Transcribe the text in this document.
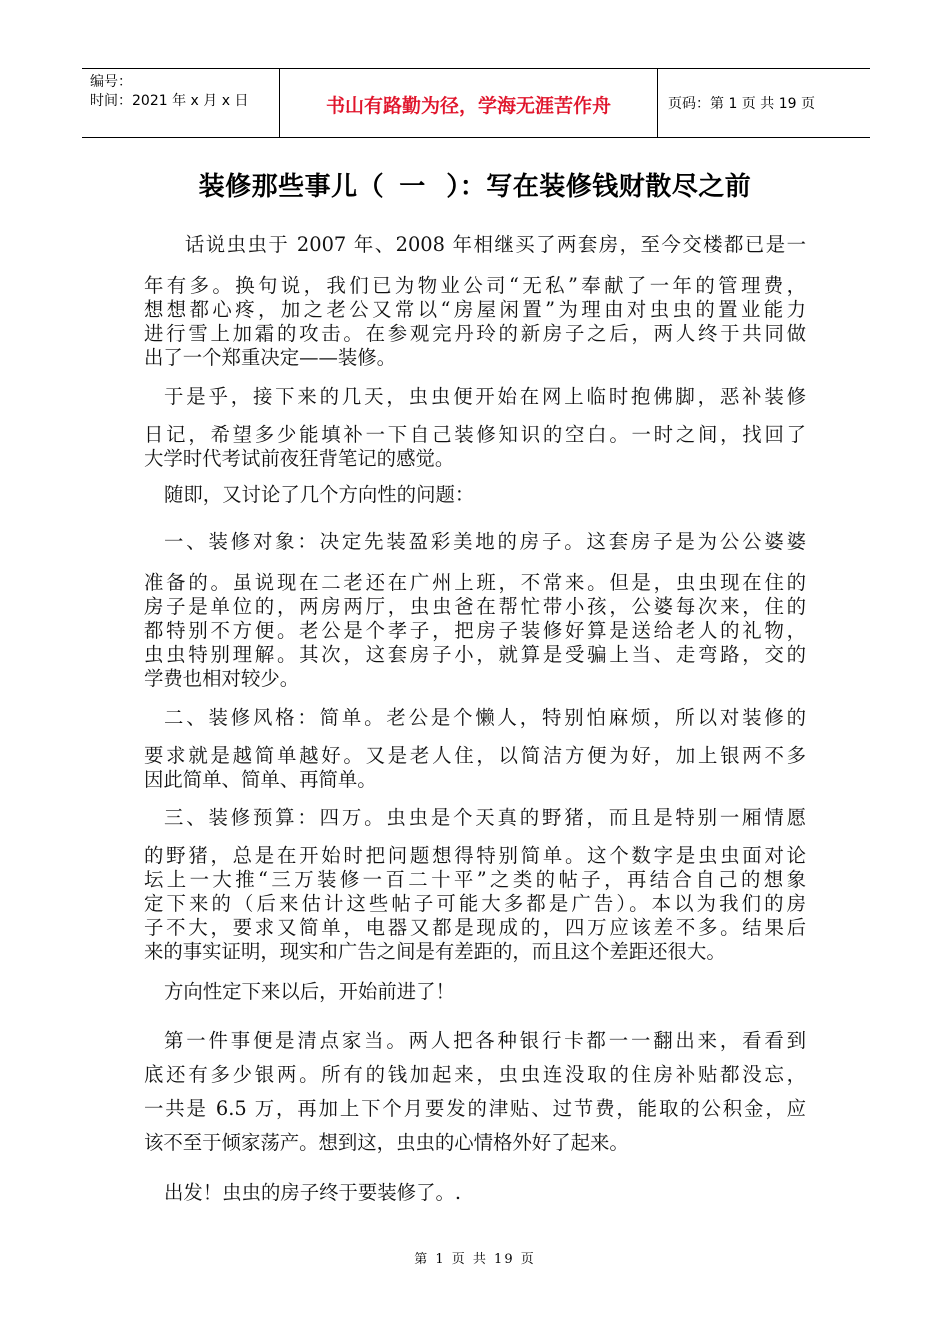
编号：
时间：2021 年 x 月 x 日	书山有路勤为径，学海无涯苦作舟	页码：第 1 页 共 19 页
装修那些事儿（ 一 ）：写在装修钱财散尽之前
　话说虫虫于 2007 年、2008 年相继买了两套房，至今交楼都已是一
年有多。换句说，我们已为物业公司“无私”奉献了一年的管理费，
想想都心疼，加之老公又常以“房屋闲置”为理由对虫虫的置业能力
进行雪上加霜的攻击。在参观完丹玲的新房子之后，两人终于共同做
出了一个郑重决定——装修。
于是乎，接下来的几天，虫虫便开始在网上临时抱佛脚，恶补装修
日记，希望多少能填补一下自己装修知识的空白。一时之间，找回了
大学时代考试前夜狂背笔记的感觉。
随即，又讨论了几个方向性的问题：
一、装修对象：决定先装盈彩美地的房子。这套房子是为公公婆婆
准备的。虽说现在二老还在广州上班，不常来。但是，虫虫现在住的
房子是单位的，两房两厅，虫虫爸在帮忙带小孩，公婆每次来，住的
都特别不方便。老公是个孝子，把房子装修好算是送给老人的礼物，
虫虫特别理解。其次，这套房子小，就算是受骗上当、走弯路，交的
学费也相对较少。
二、装修风格：简单。老公是个懒人，特别怕麻烦，所以对装修的
要求就是越简单越好。又是老人住，以简洁方便为好，加上银两不多
因此简单、简单、再简单。
三、装修预算：四万。虫虫是个天真的野猪，而且是特别一厢情愿
的野猪，总是在开始时把问题想得特别简单。这个数字是虫虫面对论
坛上一大推“三万装修一百二十平”之类的帖子，再结合自己的想象
定下来的（后来估计这些帖子可能大多都是广告）。本以为我们的房
子不大，要求又简单，电器又都是现成的，四万应该差不多。结果后
来的事实证明，现实和广告之间是有差距的，而且这个差距还很大。
方向性定下来以后，开始前进了！
第一件事便是清点家当。两人把各种银行卡都一一翻出来，看看到
底还有多少银两。所有的钱加起来，虫虫连没取的住房补贴都没忘，
一共是 6.5 万，再加上下个月要发的津贴、过节费，能取的公积金，应
该不至于倾家荡产。想到这，虫虫的心情格外好了起来。
出发！虫虫的房子终于要装修了。.
第 1 页 共 19 页
